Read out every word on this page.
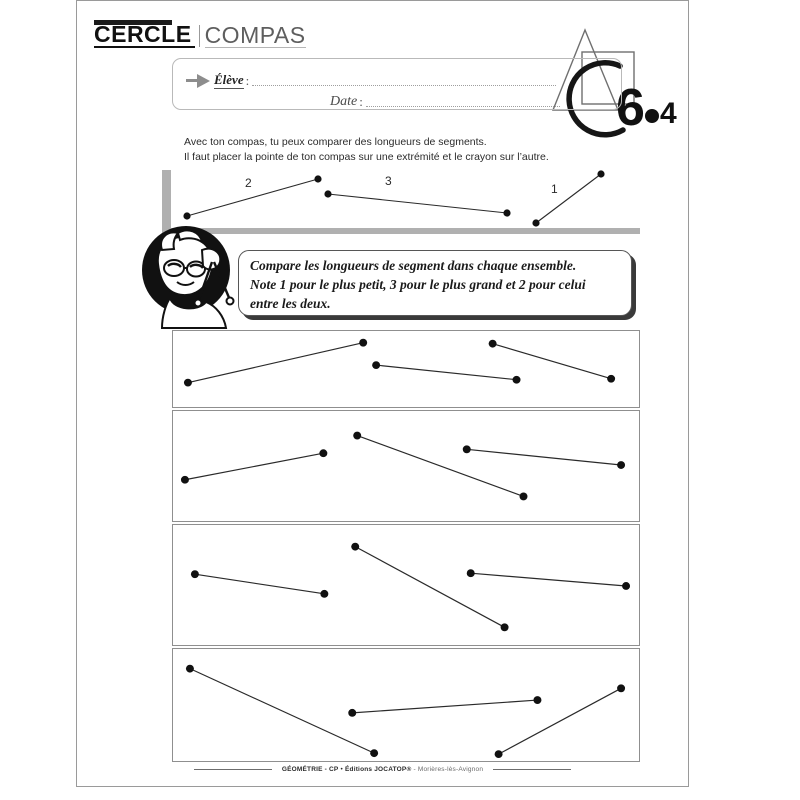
CERCLE COMPAS
6 4
Élève :
Date :
Avec ton compas, tu peux comparer des longueurs de segments.
Il faut placer la pointe de ton compas sur une extrémité et le crayon sur l’autre.
2	3
1
Compare les longueurs de segment dans chaque ensemble.
Note 1 pour le plus petit, 3 pour le plus grand et 2 pour celui
entre les deux.
GÉOMÉTRIE - CP • Éditions JOCATOP® - Morières-lès-Avignon
